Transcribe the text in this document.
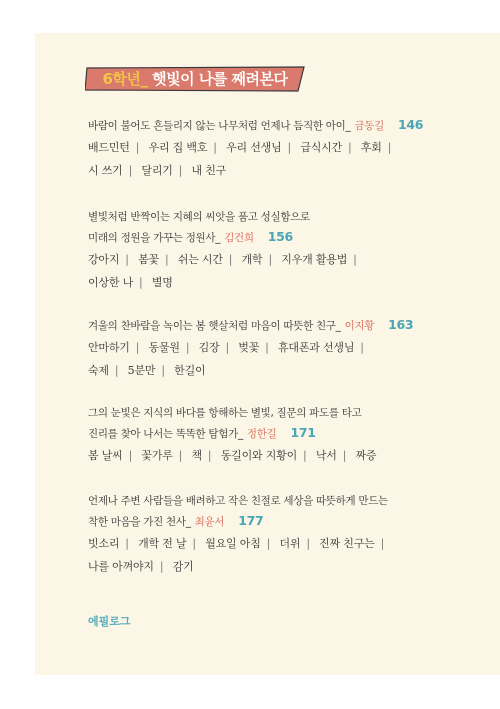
6학년_ 햇빛이 나를 째려본다
바람이 불어도 흔들리지 않는 나무처럼 언제나 듬직한 아이_ 금동길 146
배드민턴 | 우리 집 백호 | 우리 선생님 | 급식시간 | 후회 |
시 쓰기 | 달리기 | 내 친구
별빛처럼 반짝이는 지혜의 씨앗을 품고 성실함으로
미래의 정원을 가꾸는 정원사_ 김건희 156
강아지 | 봄꽃 | 쉬는 시간 | 개학 | 지우개 활용법 |
이상한 나 | 별명
겨울의 찬바람을 녹이는 봄 햇살처럼 마음이 따뜻한 친구_ 이지황 163
안마하기 | 동물원 | 김장 | 벚꽃 | 휴대폰과 선생님 |
숙제 | 5분만 | 한길이
그의 눈빛은 지식의 바다를 항해하는 별빛, 질문의 파도를 타고
진리를 찾아 나서는 똑똑한 탐험가_ 정한길 171
봄 날씨 | 꽃가루 | 책 | 동길이와 지황이 | 낙서 | 짜증
언제나 주변 사람들을 배려하고 작은 친절로 세상을 따뜻하게 만드는
착한 마음을 가진 천사_ 최윤서 177
빗소리 | 개학 전 날 | 월요일 아침 | 더위 | 진짜 친구는 |
나를 아껴야지 | 감기
에필로그
